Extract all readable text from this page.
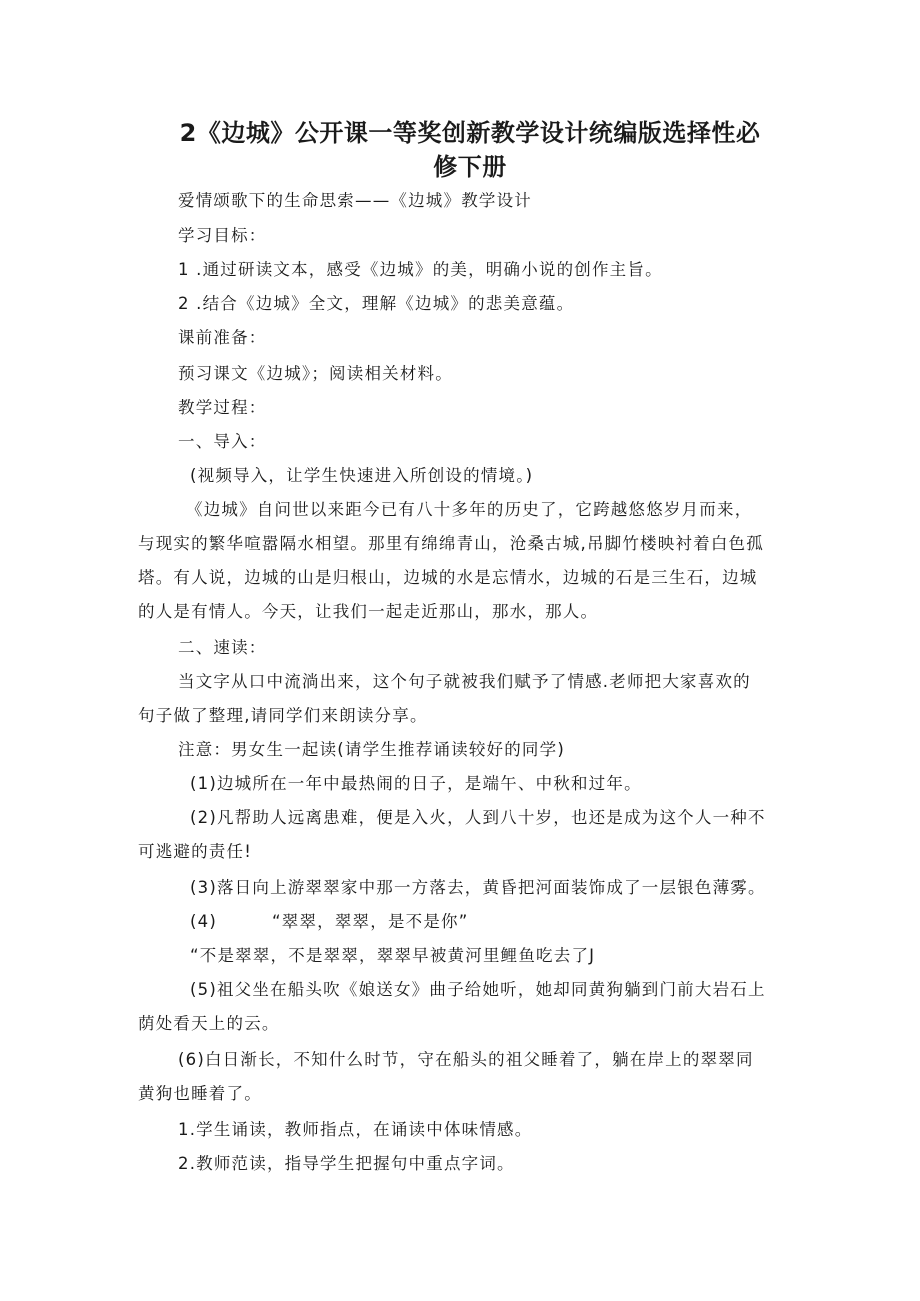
2《边城》公开课一等奖创新教学设计统编版选择性必
修下册
爱情颂歌下的生命思索——《边城》教学设计
学习目标：
1 .通过研读文本，感受《边城》的美，明确小说的创作主旨。
2 .结合《边城》全文，理解《边城》的悲美意蕴。
课前准备：
预习课文《边城》；阅读相关材料。
教学过程：
一、导入：
(视频导入，让学生快速进入所创设的情境。)
《边城》自问世以来距今已有八十多年的历史了，它跨越悠悠岁月而来，
与现实的繁华喧嚣隔水相望。那里有绵绵青山，沧桑古城,吊脚竹楼映衬着白色孤
塔。有人说，边城的山是归根山，边城的水是忘情水，边城的石是三生石，边城
的人是有情人。今天，让我们一起走近那山，那水，那人。
二、速读：
当文字从口中流淌出来，这个句子就被我们赋予了情感.老师把大家喜欢的
句子做了整理,请同学们来朗读分享。
注意：男女生一起读(请学生推荐诵读较好的同学)
(1)边城所在一年中最热闹的日子，是端午、中秋和过年。
(2)凡帮助人远离患难，便是入火，人到八十岁，也还是成为这个人一种不
可逃避的责任!
(3)落日向上游翠翠家中那一方落去，黄昏把河面装饰成了一层银色薄雾。
(4)	“翠翠，翠翠，是不是你”
“不是翠翠，不是翠翠，翠翠早被黄河里鲤鱼吃去了J
(5)祖父坐在船头吹《娘送女》曲子给她听，她却同黄狗躺到门前大岩石上
荫处看天上的云。
(6)白日渐长，不知什么时节，守在船头的祖父睡着了，躺在岸上的翠翠同
黄狗也睡着了。
1.学生诵读，教师指点，在诵读中体味情感。
2.教师范读，指导学生把握句中重点字词。
